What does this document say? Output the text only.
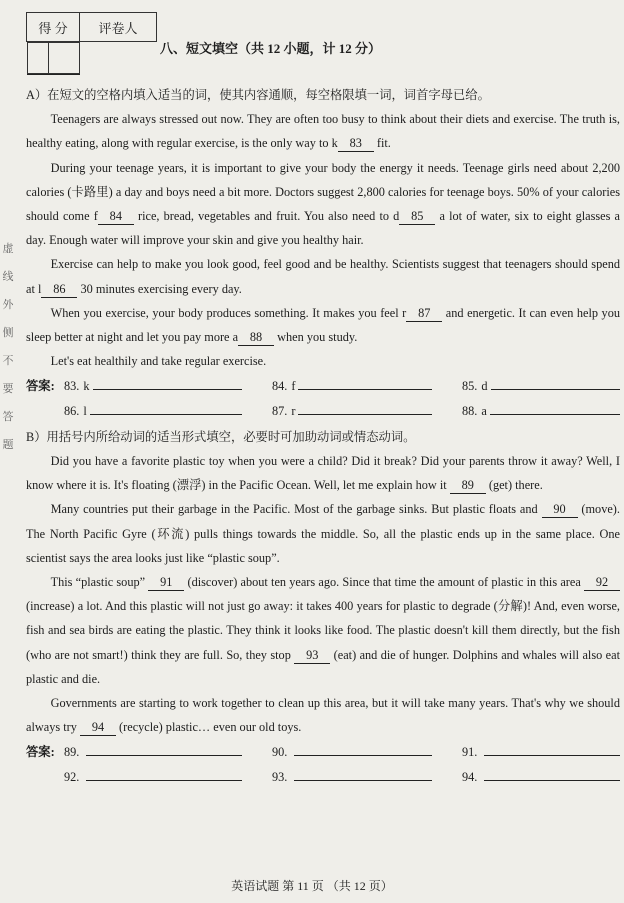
得 分	评卷人

八、短文填空（共 12 小题，计 12 分）
虚
线
外
侧
不
要
答
题

A）在短文的空格内填入适当的词，使其内容通顺，每空格限填一词，词首字母已给。

Teenagers are always stressed out now. They are often too busy to think about their diets and exercise. The truth is, healthy eating, along with regular exercise, is the only way to k 83 fit.

During your teenage years, it is important to give your body the energy it needs. Teenage girls need about 2,200 calories (卡路里) a day and boys need a bit more. Doctors suggest 2,800 calories for teenage boys. 50% of your calories should come f 84 rice, bread, vegetables and fruit. You also need to d 85 a lot of water, six to eight glasses a day. Enough water will improve your skin and give you healthy hair.

Exercise can help to make you look good, feel good and be healthy. Scientists suggest that teenagers should spend at l 86 30 minutes exercising every day.

When you exercise, your body produces something. It makes you feel r 87 and energetic. It can even help you sleep better at night and let you pay more a 88 when you study.

Let's eat healthily and take regular exercise.

答案: 83. k	84. f	85. d
86. l	87. r	88. a

B）用括号内所给动词的适当形式填空，必要时可加助动词或情态动词。

Did you have a favorite plastic toy when you were a child? Did it break? Did your parents throw it away? Well, I know where it is. It's floating (漂浮) in the Pacific Ocean. Well, let me explain how it 89 (get) there.

Many countries put their garbage in the Pacific. Most of the garbage sinks. But plastic floats and 90 (move). The North Pacific Gyre (环流) pulls things towards the middle. So, all the plastic ends up in the same place. One scientist says the area looks just like “plastic soup”.

This “plastic soup” 91 (discover) about ten years ago. Since that time the amount of plastic in this area 92 (increase) a lot. And this plastic will not just go away: it takes 400 years for plastic to degrade (分解)! And, even worse, fish and sea birds are eating the plastic. They think it looks like food. The plastic doesn't kill them directly, but the fish (who are not smart!) think they are full. So, they stop 93 (eat) and die of hunger. Dolphins and whales will also eat plastic and die.

Governments are starting to work together to clean up this area, but it will take many years. That's why we should always try 94 (recycle) plastic… even our old toys.

答案: 89.	90.	91.
92.	93.	94.
英语试题 第 11 页 （共 12 页）
